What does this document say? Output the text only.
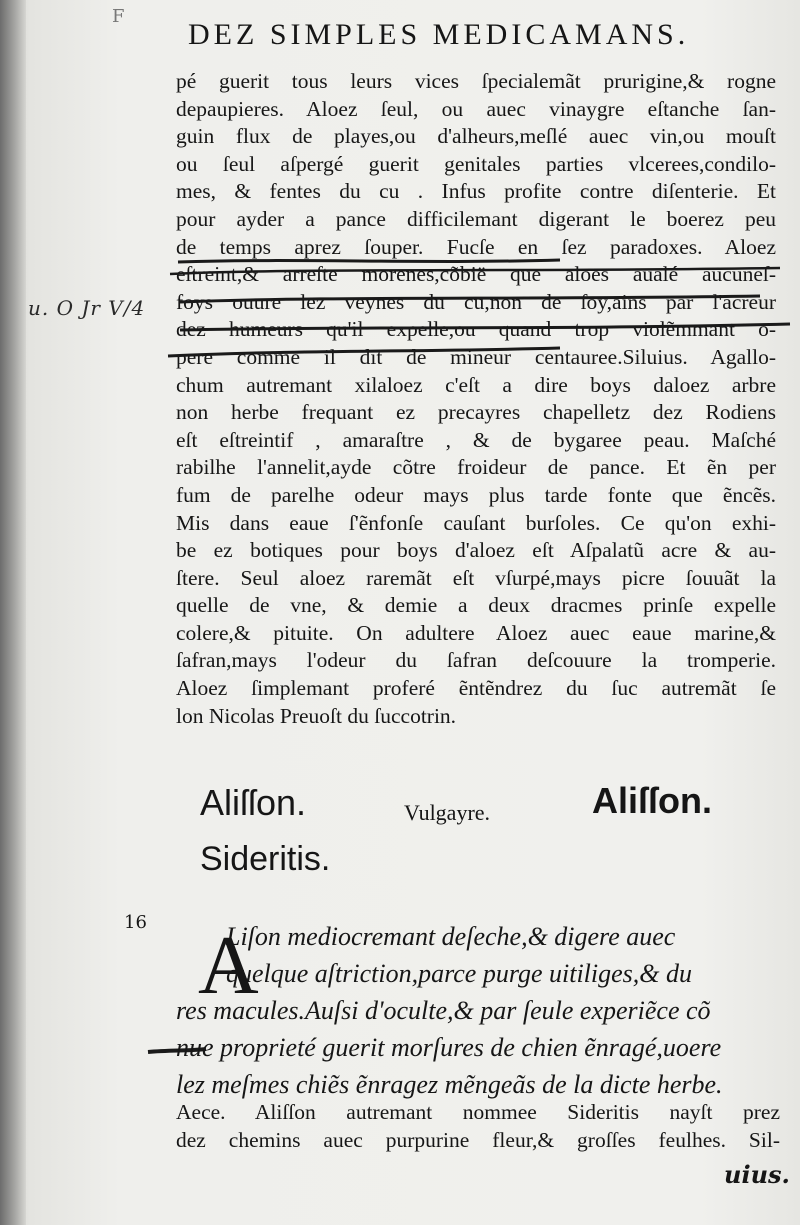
F
DEZ SIMPLES MEDICAMANS.
u. O Jr V/4
pé guerit tous leurs vices ſpecialemãt prurigine,& rogne
depaupieres. Aloez ſeul, ou auec vinaygre eſtanche ſan-
guin flux de playes,ou d'alheurs,meſlé auec vin,ou mouſt
ou ſeul aſpergé guerit genitales parties vlcerees,condilo-
mes, & fentes du cu . Infus profite contre diſenterie. Et
pour ayder a pance difficilemant digerant le boerez peu
de temps aprez ſouper. Fucſe en ſez paradoxes. Aloez
eſtreint,& arreſte morenes,cõbië que aloes aualé aucuneſ-
foys ouure lez veynes du cu,non de ſoy,ains par l'acreur
dez humeurs qu'il expelle,ou quand trop violẽmmant o-
pere comme il dit de mineur centauree.Siluius. Agallo-
chum autremant xilaloez c'eſt a dire boys daloez arbre
non herbe frequant ez precayres chapelletz dez Rodiens
eſt eſtreintif , amaraſtre , & de bygaree peau. Maſché
rabilhe l'annelit,ayde cõtre froideur de pance. Et ẽn per
fum de parelhe odeur mays plus tarde fonte que ẽncẽs.
Mis dans eaue ſ'ẽnfonſe cauſant burſoles. Ce qu'on exhi-
be ez botiques pour boys d'aloez eſt Aſpalatũ acre & au-
ſtere. Seul aloez raremãt eſt vſurpé,mays picre ſouuãt la
quelle de vne, & demie a deux dracmes prinſe expelle
colere,& pituite. On adultere Aloez auec eaue marine,&
ſafran,mays l'odeur du ſafran deſcouure la tromperie.
Aloez ſimplemant proferé ẽntẽndrez du ſuc autremãt ſe
lon Nicolas Preuoſt du ſuccotrin.
Aliſſon.	Vulgayre.	Aliſſon.
Sideritis.
16 A
Liſon mediocremant deſeche,& digere auec
quelque aſtriction,parce purge uitiliges,& du
res macules.Auſsi d'oculte,& par ſeule experiẽce cõ
nue proprieté guerit morſures de chien ẽnragé,uoere
lez meſmes chiẽs ẽnragez mẽngeãs de la dicte herbe.
Aece. Aliſſon autremant nommee Sideritis nayſt prez
dez chemins auec purpurine fleur,& groſſes feulhes. Sil-
uius.
